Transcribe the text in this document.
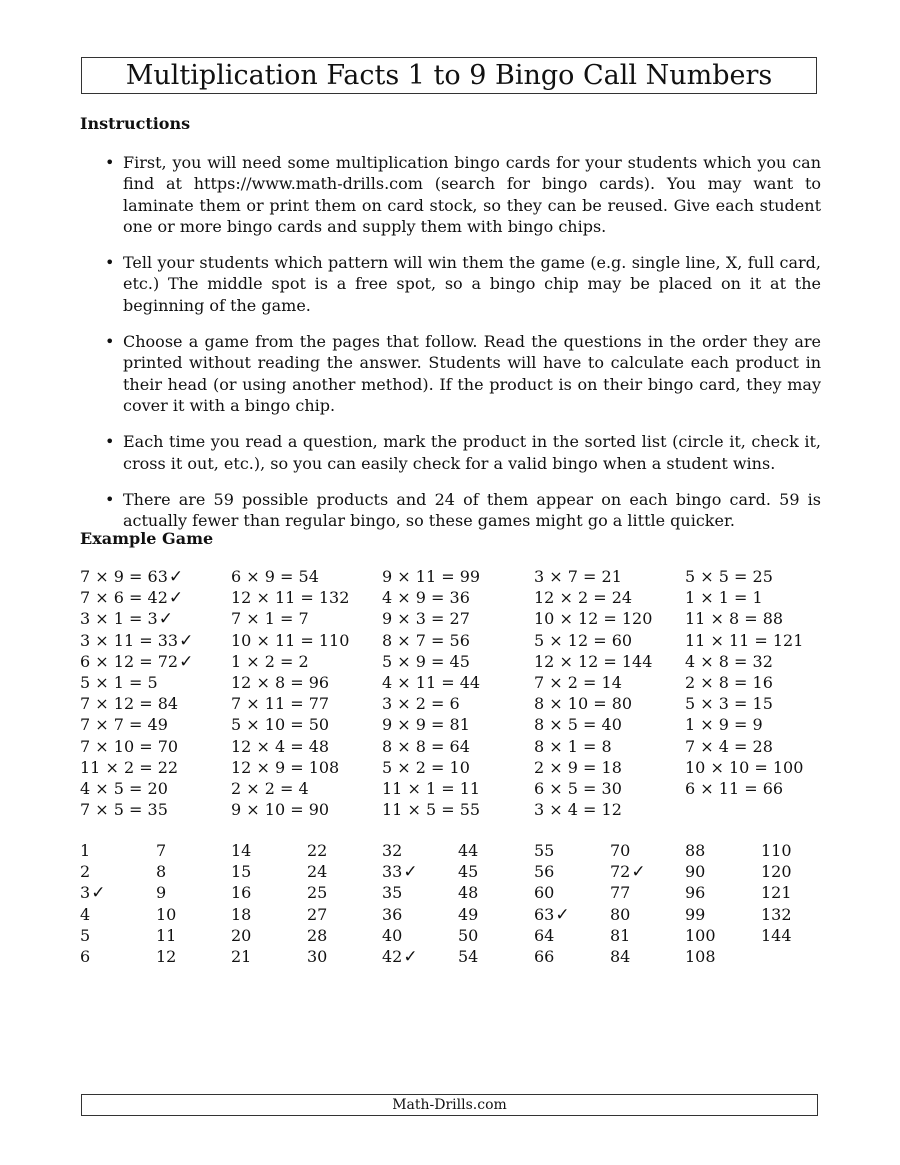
Multiplication Facts 1 to 9 Bingo Call Numbers
Instructions
• First, you will need some multiplication bingo cards for your students which you can find at https://www.math-drills.com (search for bingo cards). You may want to laminate them or print them on card stock, so they can be reused. Give each student one or more bingo cards and supply them with bingo chips.
• Tell your students which pattern will win them the game (e.g. single line, X, full card, etc.) The middle spot is a free spot, so a bingo chip may be placed on it at the beginning of the game.
• Choose a game from the pages that follow. Read the questions in the order they are printed without reading the answer. Students will have to calculate each product in their head (or using another method). If the product is on their bingo card, they may cover it with a bingo chip.
• Each time you read a question, mark the product in the sorted list (circle it, check it, cross it out, etc.), so you can easily check for a valid bingo when a student wins.
• There are 59 possible products and 24 of them appear on each bingo card. 59 is actually fewer than regular bingo, so these games might go a little quicker.
Example Game
7 × 9 = 63✓
7 × 6 = 42✓
3 × 1 = 3✓
3 × 11 = 33✓
6 × 12 = 72✓
5 × 1 = 5
7 × 12 = 84
7 × 7 = 49
7 × 10 = 70
11 × 2 = 22
4 × 5 = 20
7 × 5 = 35
6 × 9 = 54
12 × 11 = 132
7 × 1 = 7
10 × 11 = 110
1 × 2 = 2
12 × 8 = 96
7 × 11 = 77
5 × 10 = 50
12 × 4 = 48
12 × 9 = 108
2 × 2 = 4
9 × 10 = 90
9 × 11 = 99
4 × 9 = 36
9 × 3 = 27
8 × 7 = 56
5 × 9 = 45
4 × 11 = 44
3 × 2 = 6
9 × 9 = 81
8 × 8 = 64
5 × 2 = 10
11 × 1 = 11
11 × 5 = 55
3 × 7 = 21
12 × 2 = 24
10 × 12 = 120
5 × 12 = 60
12 × 12 = 144
7 × 2 = 14
8 × 10 = 80
8 × 5 = 40
8 × 1 = 8
2 × 9 = 18
6 × 5 = 30
3 × 4 = 12
5 × 5 = 25
1 × 1 = 1
11 × 8 = 88
11 × 11 = 121
4 × 8 = 32
2 × 8 = 16
5 × 3 = 15
1 × 9 = 9
7 × 4 = 28
10 × 10 = 100
6 × 11 = 66
1
2
3✓
4
5
6
7
8
9
10
11
12
14
15
16
18
20
21
22
24
25
27
28
30
32
33✓
35
36
40
42✓
44
45
48
49
50
54
55
56
60
63✓
64
66
70
72✓
77
80
81
84
88
90
96
99
100
108
110
120
121
132
144
Math-Drills.com
